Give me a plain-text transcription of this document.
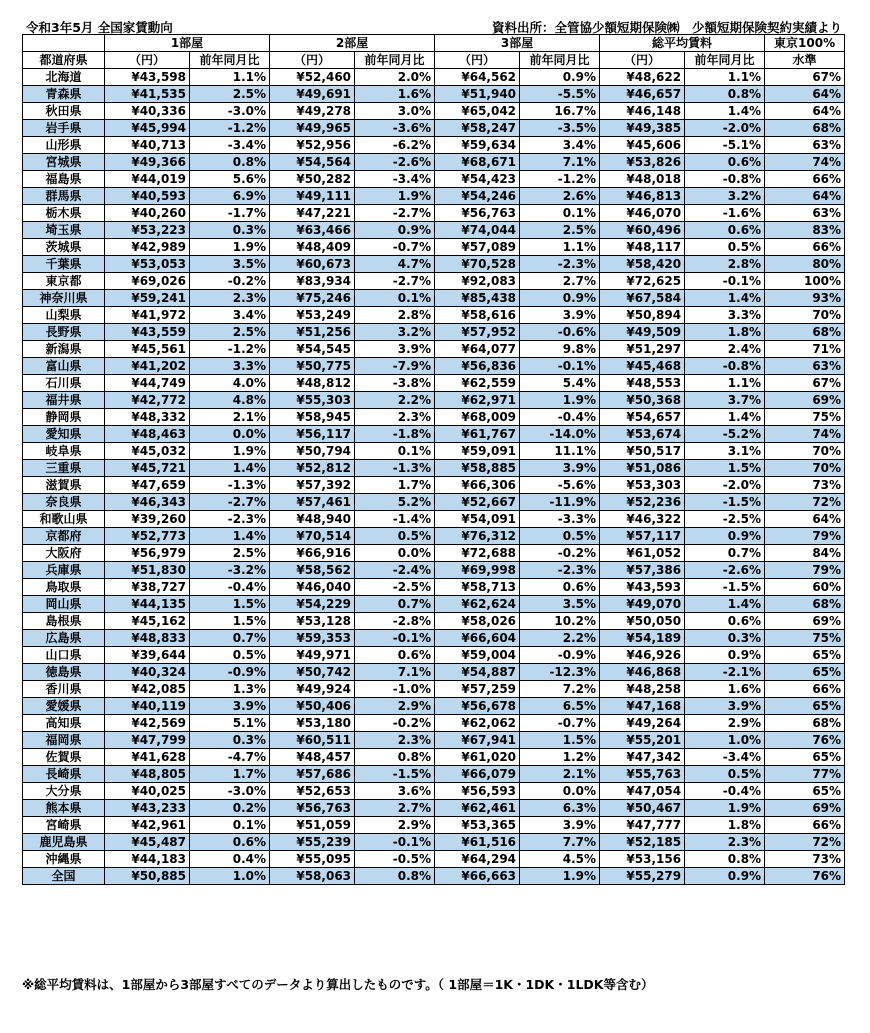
令和3年5月 全国家賃動向	資料出所：全管協少額短期保険㈱　少額短期保険契約実績より
	1部屋		2部屋		3部屋		総平均賃料		東京100%
都道府県	（円）	前年同月比	（円）	前年同月比	（円）	前年同月比	（円）	前年同月比	水準
北海道	¥43,598	1.1%	¥52,460	2.0%	¥64,562	0.9%	¥48,622	1.1%	67%
青森県	¥41,535	2.5%	¥49,691	1.6%	¥51,940	-5.5%	¥46,657	0.8%	64%
秋田県	¥40,336	-3.0%	¥49,278	3.0%	¥65,042	16.7%	¥46,148	1.4%	64%
岩手県	¥45,994	-1.2%	¥49,965	-3.6%	¥58,247	-3.5%	¥49,385	-2.0%	68%
山形県	¥40,713	-3.4%	¥52,956	-6.2%	¥59,634	3.4%	¥45,606	-5.1%	63%
宮城県	¥49,366	0.8%	¥54,564	-2.6%	¥68,671	7.1%	¥53,826	0.6%	74%
福島県	¥44,019	5.6%	¥50,282	-3.4%	¥54,423	-1.2%	¥48,018	-0.8%	66%
群馬県	¥40,593	6.9%	¥49,111	1.9%	¥54,246	2.6%	¥46,813	3.2%	64%
栃木県	¥40,260	-1.7%	¥47,221	-2.7%	¥56,763	0.1%	¥46,070	-1.6%	63%
埼玉県	¥53,223	0.3%	¥63,466	0.9%	¥74,044	2.5%	¥60,496	0.6%	83%
茨城県	¥42,989	1.9%	¥48,409	-0.7%	¥57,089	1.1%	¥48,117	0.5%	66%
千葉県	¥53,053	3.5%	¥60,673	4.7%	¥70,528	-2.3%	¥58,420	2.8%	80%
東京都	¥69,026	-0.2%	¥83,934	-2.7%	¥92,083	2.7%	¥72,625	-0.1%	100%
神奈川県	¥59,241	2.3%	¥75,246	0.1%	¥85,438	0.9%	¥67,584	1.4%	93%
山梨県	¥41,972	3.4%	¥53,249	2.8%	¥58,616	3.9%	¥50,894	3.3%	70%
長野県	¥43,559	2.5%	¥51,256	3.2%	¥57,952	-0.6%	¥49,509	1.8%	68%
新潟県	¥45,561	-1.2%	¥54,545	3.9%	¥64,077	9.8%	¥51,297	2.4%	71%
富山県	¥41,202	3.3%	¥50,775	-7.9%	¥56,836	-0.1%	¥45,468	-0.8%	63%
石川県	¥44,749	4.0%	¥48,812	-3.8%	¥62,559	5.4%	¥48,553	1.1%	67%
福井県	¥42,772	4.8%	¥55,303	2.2%	¥62,971	1.9%	¥50,368	3.7%	69%
静岡県	¥48,332	2.1%	¥58,945	2.3%	¥68,009	-0.4%	¥54,657	1.4%	75%
愛知県	¥48,463	0.0%	¥56,117	-1.8%	¥61,767	-14.0%	¥53,674	-5.2%	74%
岐阜県	¥45,032	1.9%	¥50,794	0.1%	¥59,091	11.1%	¥50,517	3.1%	70%
三重県	¥45,721	1.4%	¥52,812	-1.3%	¥58,885	3.9%	¥51,086	1.5%	70%
滋賀県	¥47,659	-1.3%	¥57,392	1.7%	¥66,306	-5.6%	¥53,303	-2.0%	73%
奈良県	¥46,343	-2.7%	¥57,461	5.2%	¥52,667	-11.9%	¥52,236	-1.5%	72%
和歌山県	¥39,260	-2.3%	¥48,940	-1.4%	¥54,091	-3.3%	¥46,322	-2.5%	64%
京都府	¥52,773	1.4%	¥70,514	0.5%	¥76,312	0.5%	¥57,117	0.9%	79%
大阪府	¥56,979	2.5%	¥66,916	0.0%	¥72,688	-0.2%	¥61,052	0.7%	84%
兵庫県	¥51,830	-3.2%	¥58,562	-2.4%	¥69,998	-2.3%	¥57,386	-2.6%	79%
鳥取県	¥38,727	-0.4%	¥46,040	-2.5%	¥58,713	0.6%	¥43,593	-1.5%	60%
岡山県	¥44,135	1.5%	¥54,229	0.7%	¥62,624	3.5%	¥49,070	1.4%	68%
島根県	¥45,162	1.5%	¥53,128	-2.8%	¥58,026	10.2%	¥50,050	0.6%	69%
広島県	¥48,833	0.7%	¥59,353	-0.1%	¥66,604	2.2%	¥54,189	0.3%	75%
山口県	¥39,644	0.5%	¥49,971	0.6%	¥59,004	-0.9%	¥46,926	0.9%	65%
徳島県	¥40,324	-0.9%	¥50,742	7.1%	¥54,887	-12.3%	¥46,868	-2.1%	65%
香川県	¥42,085	1.3%	¥49,924	-1.0%	¥57,259	7.2%	¥48,258	1.6%	66%
愛媛県	¥40,119	3.9%	¥50,406	2.9%	¥56,678	6.5%	¥47,168	3.9%	65%
高知県	¥42,569	5.1%	¥53,180	-0.2%	¥62,062	-0.7%	¥49,264	2.9%	68%
福岡県	¥47,799	0.3%	¥60,511	2.3%	¥67,941	1.5%	¥55,201	1.0%	76%
佐賀県	¥41,628	-4.7%	¥48,457	0.8%	¥61,020	1.2%	¥47,342	-3.4%	65%
長崎県	¥48,805	1.7%	¥57,686	-1.5%	¥66,079	2.1%	¥55,763	0.5%	77%
大分県	¥40,025	-3.0%	¥52,653	3.6%	¥56,593	0.0%	¥47,054	-0.4%	65%
熊本県	¥43,233	0.2%	¥56,763	2.7%	¥62,461	6.3%	¥50,467	1.9%	69%
宮崎県	¥42,961	0.1%	¥51,059	2.9%	¥53,365	3.9%	¥47,777	1.8%	66%
鹿児島県	¥45,487	0.6%	¥55,239	-0.1%	¥61,516	7.7%	¥52,185	2.3%	72%
沖縄県	¥44,183	0.4%	¥55,095	-0.5%	¥64,294	4.5%	¥53,156	0.8%	73%
全国	¥50,885	1.0%	¥58,063	0.8%	¥66,663	1.9%	¥55,279	0.9%	76%
※総平均賃料は、1部屋から3部屋すべてのデータより算出したものです。（ 1部屋＝1K・1DK・1LDK等含む）
